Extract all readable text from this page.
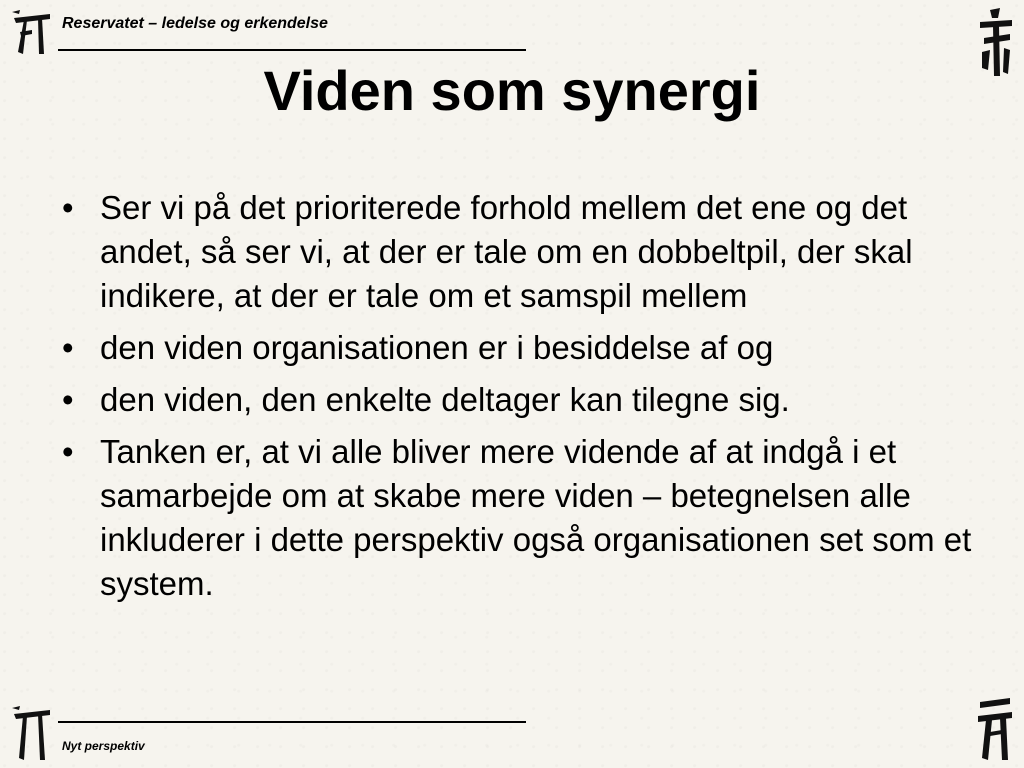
Reservatet – ledelse og erkendelse
Viden som synergi
• Ser vi på det prioriterede forhold mellem det ene og det andet, så ser vi, at der er tale om en dobbeltpil, der skal indikere, at der er tale om et samspil mellem
• den viden organisationen er i besiddelse af og
• den viden, den enkelte deltager kan tilegne sig.
• Tanken er, at vi alle bliver mere vidende af at indgå i et samarbejde om at skabe mere viden – betegnelsen alle inkluderer i dette perspektiv også organisationen set som et system.
Nyt perspektiv
